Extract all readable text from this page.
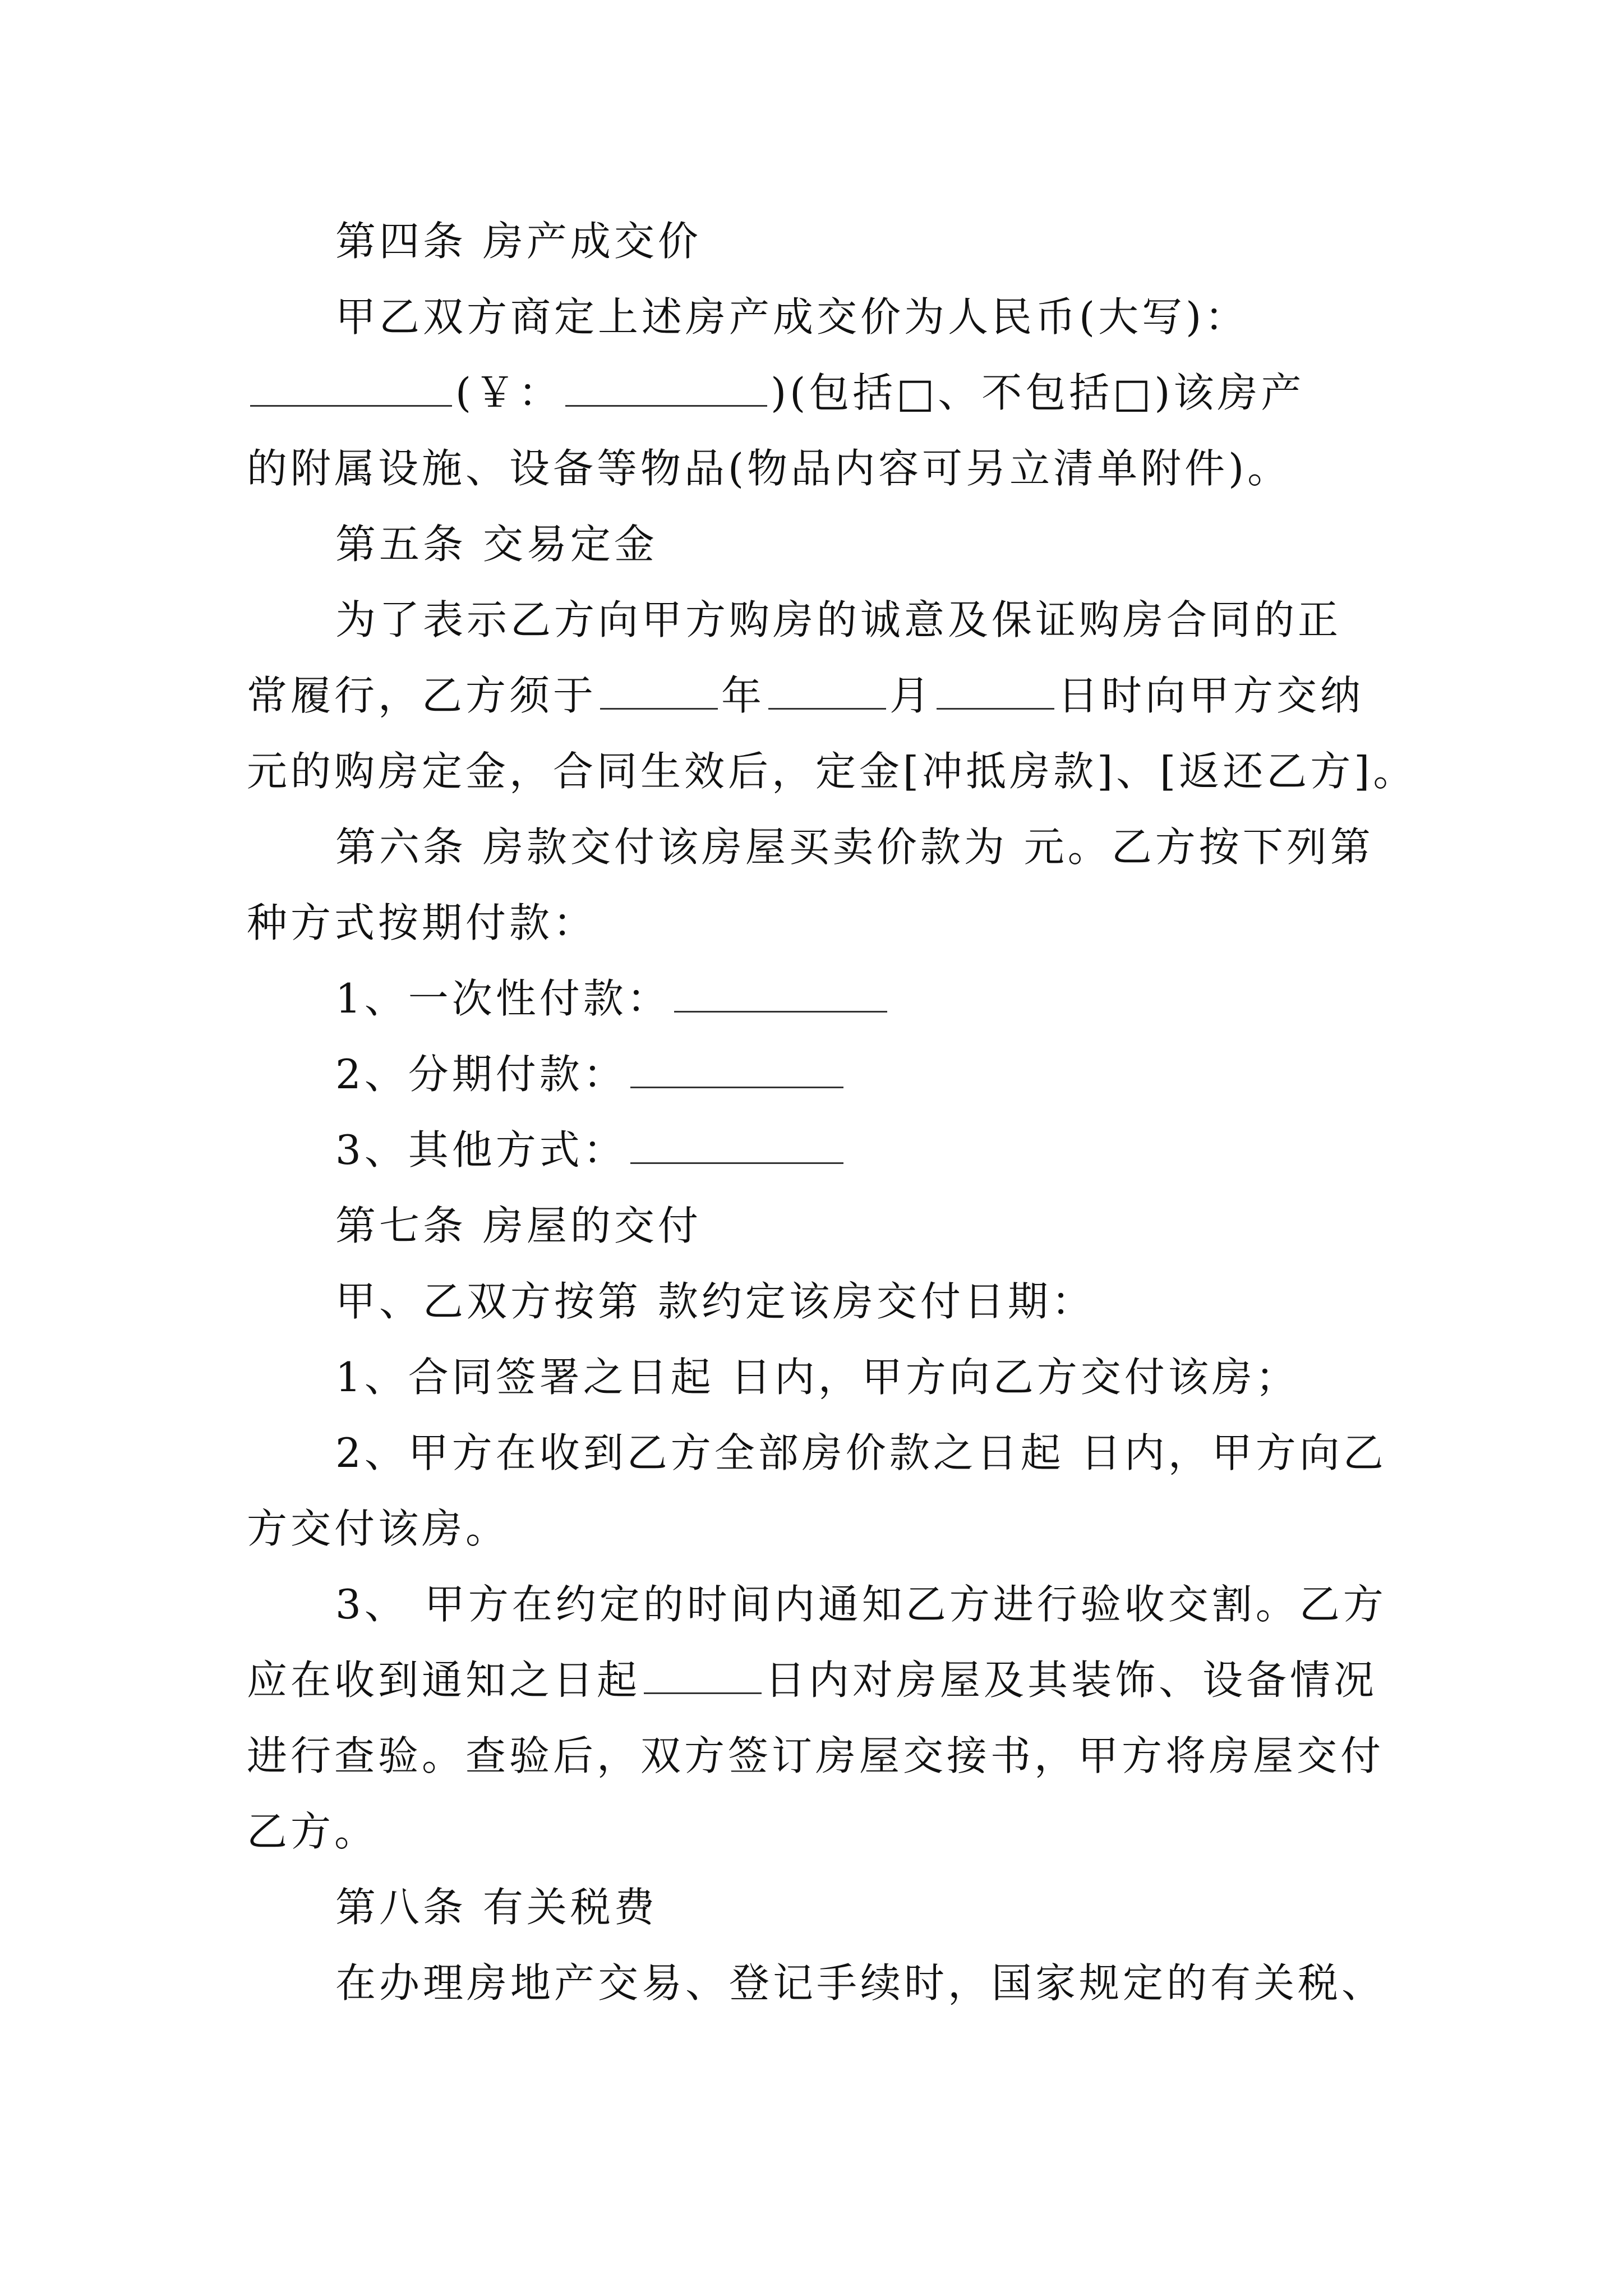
第四条 房产成交价
甲乙双方商定上述房产成交价为人民币(大写)：
(￥：	)(包括□、不包括□)该房产
的附属设施、设备等物品(物品内容可另立清单附件)。
第五条 交易定金
为了表示乙方向甲方购房的诚意及保证购房合同的正
常履行，乙方须于	年	月	日时向甲方交纳
元的购房定金，合同生效后，定金[冲抵房款]、[返还乙方]。
第六条 房款交付该房屋买卖价款为 元。乙方按下列第
种方式按期付款：
1、一次性付款：
2、分期付款：
3、其他方式：
第七条 房屋的交付
甲、乙双方按第 款约定该房交付日期：
1、合同签署之日起 日内，甲方向乙方交付该房；
2、甲方在收到乙方全部房价款之日起 日内，甲方向乙
方交付该房。
3、 甲方在约定的时间内通知乙方进行验收交割。乙方
应在收到通知之日起	日内对房屋及其装饰、设备情况
进行查验。查验后，双方签订房屋交接书，甲方将房屋交付
乙方。
第八条 有关税费
在办理房地产交易、登记手续时，国家规定的有关税、
